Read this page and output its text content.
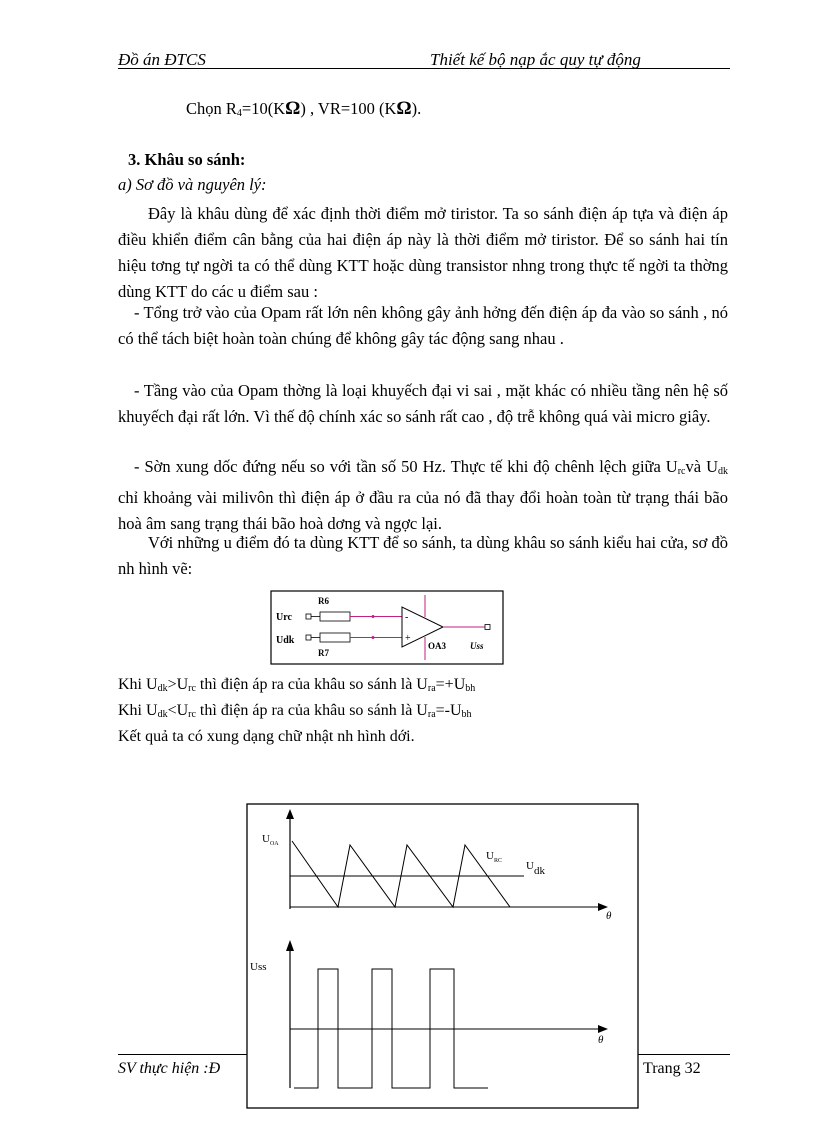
Đồ án ĐTCS	Thiết kế bộ nạp ắc quy tự động
Chọn $R_4=10(K\Omega)$ , VR=100 (KΩ).
3. Khâu so sánh:
a) Sơ đồ và nguyên lý:
Đây là khâu dùng để xác định thời điểm mở tiristor. Ta so sánh điện áp tựa và điện áp điều khiển điểm cân bằng của hai điện áp này là thời điểm mở tiristor. Để so sánh hai tín hiệu tơng tự ngời ta có thể dùng KTT hoặc dùng transistor nhng trong thực tế ngời ta thờng dùng KTT do các u điểm sau :
- Tổng trở vào của Opam rất lớn nên không gây ảnh hởng đến điện áp đa vào so sánh , nó có thể tách biệt hoàn toàn chúng để không gây tác động sang nhau .
- Tầng vào của Opam thờng là loại khuyếch đại vi sai , mặt khác có nhiều tầng nên hệ số khuyếch đại rất lớn. Vì thế độ chính xác so sánh rất cao , độ trễ không quá vài micro giây.
- Sờn xung dốc đứng nếu so với tần số 50 Hz. Thực tế khi độ chênh lệch giữa $U_{rc}và$ $U_{dk}$ chỉ khoảng vài milivôn thì điện áp ở đầu ra của nó đã thay đổi hoàn toàn từ trạng thái bão hoà âm sang trạng thái bão hoà dơng và ngợc lại.
Với những u điểm đó ta dùng KTT để so sánh, ta dùng khâu so sánh kiểu hai cửa, sơ đồ nh hình vẽ:
Urc
Udk
R6
R7
-
+
OA3	Uss
Khi $U_{dk}>U_{rc}$ thì điện áp ra của khâu so sánh là $U_{ra}=+U_{bh}$
Khi $U_{dk}<U_{rc}$ thì điện áp ra của khâu so sánh là $U_{ra}=-U_{bh}$
Kết quả ta có xung dạng chữ nhật nh hình dới.
SV thực hiện :Đ	Trang 32
$U_{OA}$
θ
Udk
$U_{RC}$
Uss
θ
